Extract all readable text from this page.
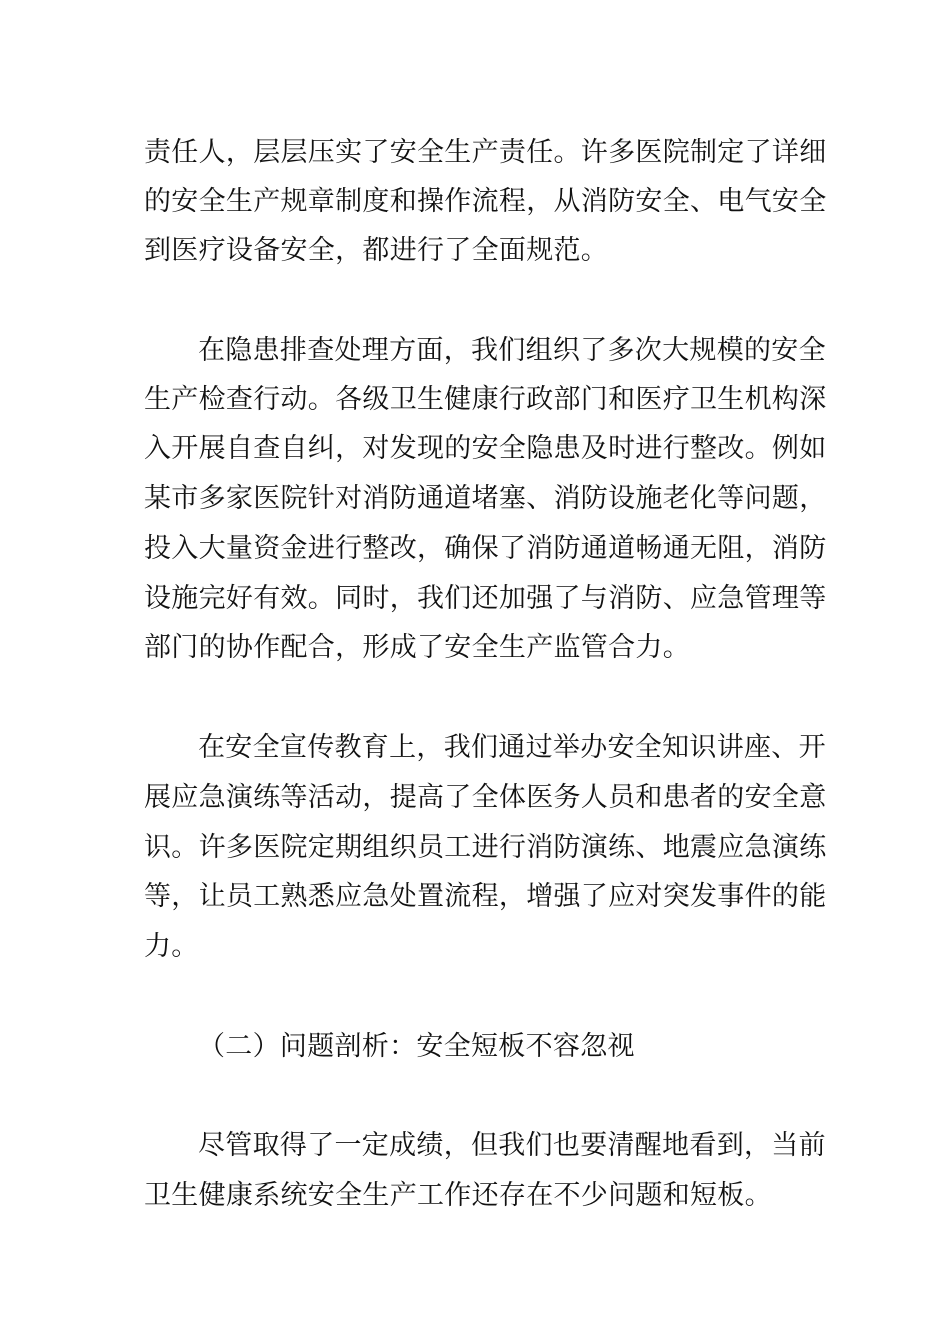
责任人，层层压实了安全生产责任。许多医院制定了详细
的安全生产规章制度和操作流程，从消防安全、电气安全
到医疗设备安全，都进行了全面规范。
在隐患排查处理方面，我们组织了多次大规模的安全
生产检查行动。各级卫生健康行政部门和医疗卫生机构深
入开展自查自纠，对发现的安全隐患及时进行整改。例如
某市多家医院针对消防通道堵塞、消防设施老化等问题，
投入大量资金进行整改，确保了消防通道畅通无阻，消防
设施完好有效。同时，我们还加强了与消防、应急管理等
部门的协作配合，形成了安全生产监管合力。
在安全宣传教育上，我们通过举办安全知识讲座、开
展应急演练等活动，提高了全体医务人员和患者的安全意
识。许多医院定期组织员工进行消防演练、地震应急演练
等，让员工熟悉应急处置流程，增强了应对突发事件的能
力。
（二）问题剖析：安全短板不容忽视
尽管取得了一定成绩，但我们也要清醒地看到，当前
卫生健康系统安全生产工作还存在不少问题和短板。
